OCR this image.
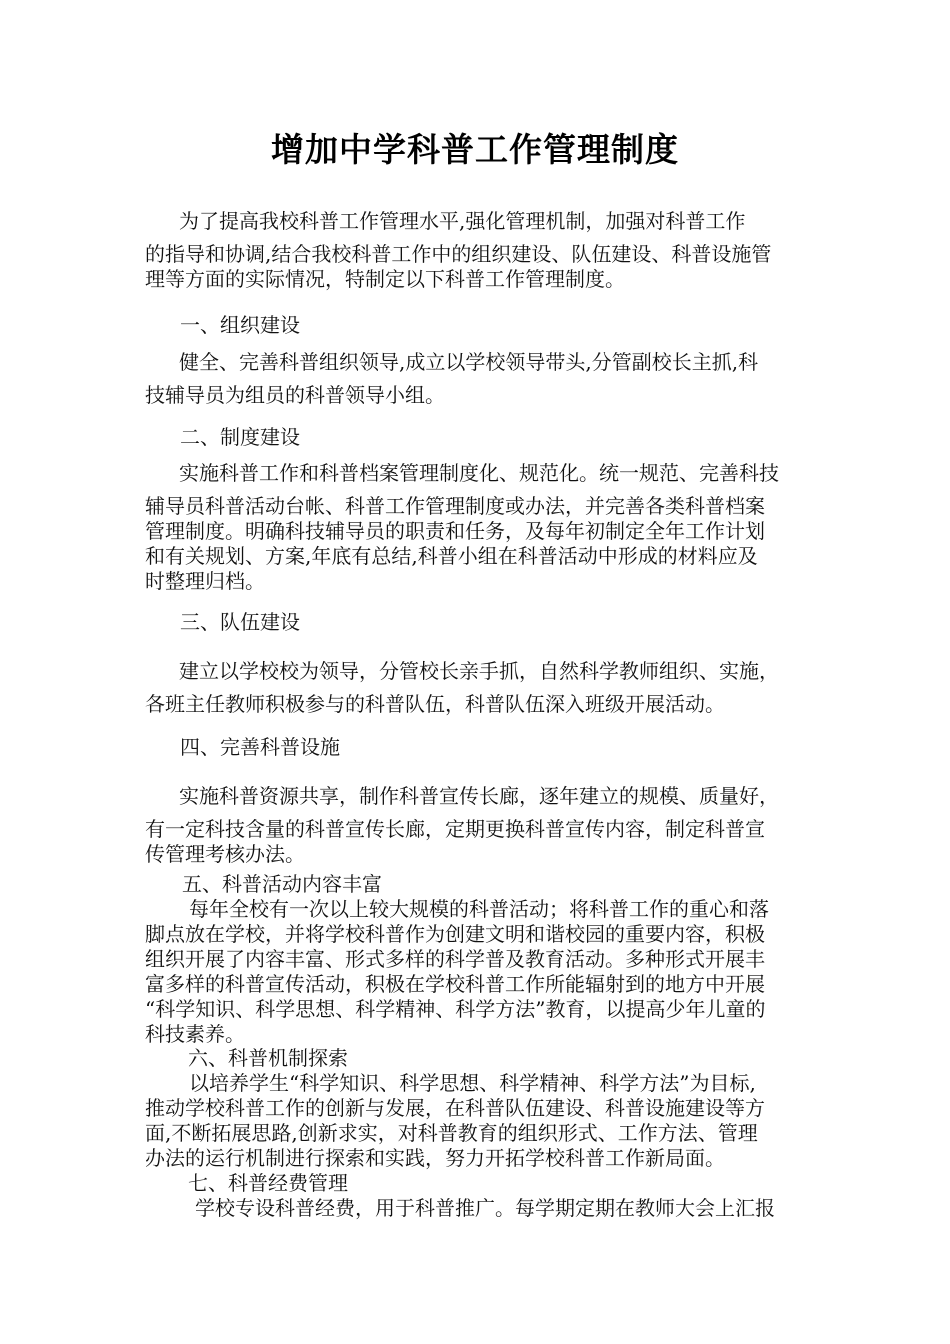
增加中学科普工作管理制度
为了提高我校科普工作管理水平,强化管理机制，加强对科普工作
的指导和协调,结合我校科普工作中的组织建设、队伍建设、科普设施管
理等方面的实际情况，特制定以下科普工作管理制度。
一、组织建设
健全、完善科普组织领导,成立以学校领导带头,分管副校长主抓,科
技辅导员为组员的科普领导小组。
二、制度建设
实施科普工作和科普档案管理制度化、规范化。统一规范、完善科技
辅导员科普活动台帐、科普工作管理制度或办法，并完善各类科普档案
管理制度。明确科技辅导员的职责和任务，及每年初制定全年工作计划
和有关规划、方案,年底有总结,科普小组在科普活动中形成的材料应及
时整理归档。
三、队伍建设
建立以学校校为领导，分管校长亲手抓，自然科学教师组织、实施，
各班主任教师积极参与的科普队伍，科普队伍深入班级开展活动。
四、完善科普设施
实施科普资源共享，制作科普宣传长廊，逐年建立的规模、质量好，
有一定科技含量的科普宣传长廊，定期更换科普宣传内容，制定科普宣
传管理考核办法。
五、科普活动内容丰富
每年全校有一次以上较大规模的科普活动；将科普工作的重心和落
脚点放在学校，并将学校科普作为创建文明和谐校园的重要内容，积极
组织开展了内容丰富、形式多样的科学普及教育活动。多种形式开展丰
富多样的科普宣传活动，积极在学校科普工作所能辐射到的地方中开展
“科学知识、科学思想、科学精神、科学方法”教育，以提高少年儿童的
科技素养。
六、科普机制探索
以培养学生“科学知识、科学思想、科学精神、科学方法”为目标,
推动学校科普工作的创新与发展，在科普队伍建设、科普设施建设等方
面,不断拓展思路,创新求实，对科普教育的组织形式、工作方法、管理
办法的运行机制进行探索和实践，努力开拓学校科普工作新局面。
七、科普经费管理
学校专设科普经费，用于科普推广。每学期定期在教师大会上汇报
